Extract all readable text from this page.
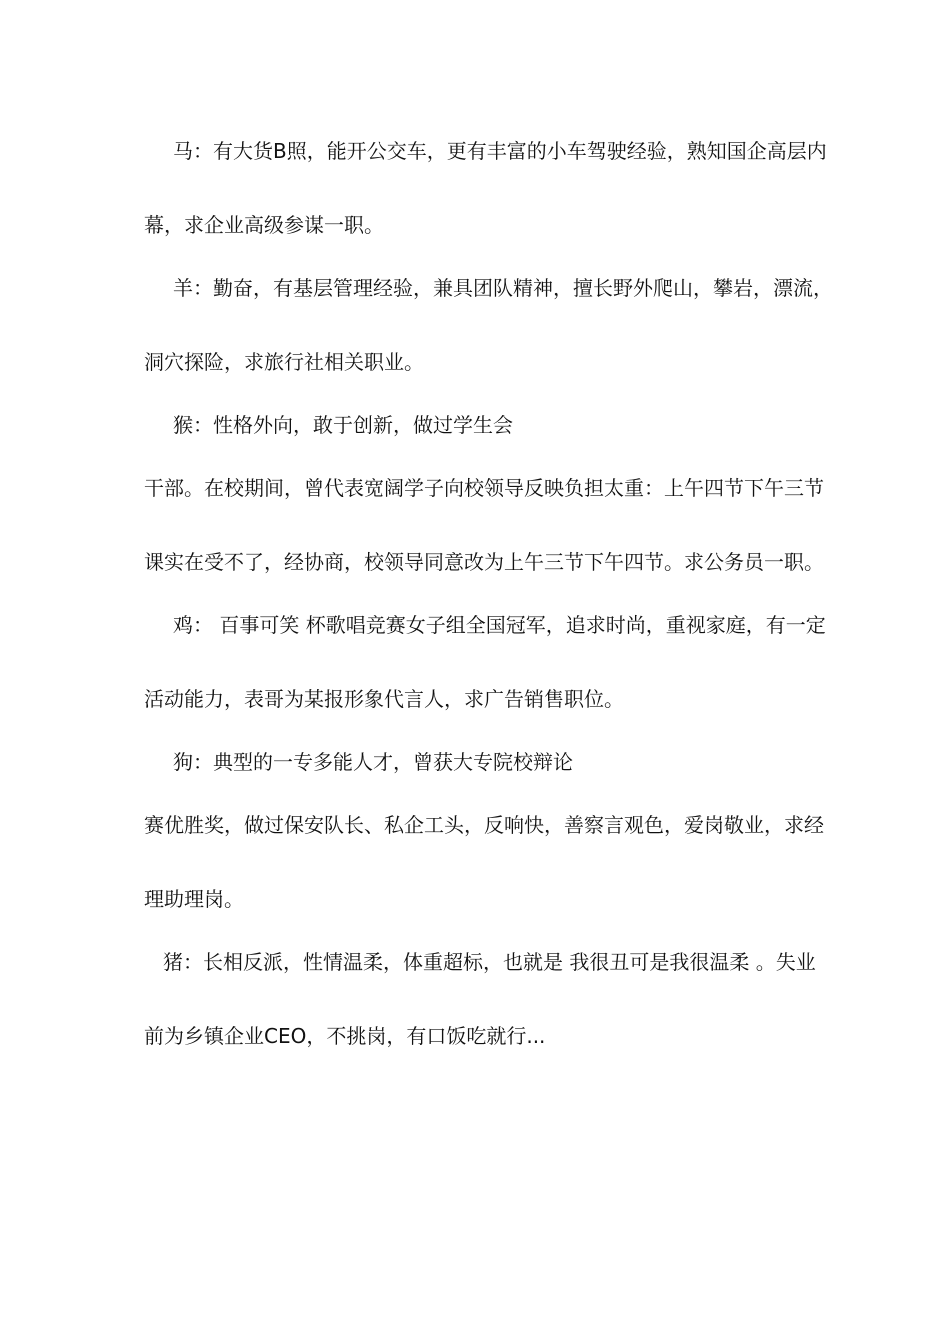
马：有大货B照，能开公交车，更有丰富的小车驾驶经验，熟知国企高层内
幕，求企业高级参谋一职。
羊：勤奋，有基层管理经验，兼具团队精神，擅长野外爬山，攀岩，漂流，
洞穴探险，求旅行社相关职业。
猴：性格外向，敢于创新，做过学生会
干部。在校期间，曾代表宽阔学子向校领导反映负担太重：上午四节下午三节
课实在受不了，经协商，校领导同意改为上午三节下午四节。求公务员一职。
鸡： 百事可笑 杯歌唱竞赛女子组全国冠军，追求时尚，重视家庭，有一定
活动能力，表哥为某报形象代言人，求广告销售职位。
狗：典型的一专多能人才，曾获大专院校辩论
赛优胜奖，做过保安队长、私企工头，反响快，善察言观色，爱岗敬业，求经
理助理岗。
猪：长相反派，性情温柔，体重超标，也就是 我很丑可是我很温柔 。失业
前为乡镇企业CEO，不挑岗，有口饭吃就行...
